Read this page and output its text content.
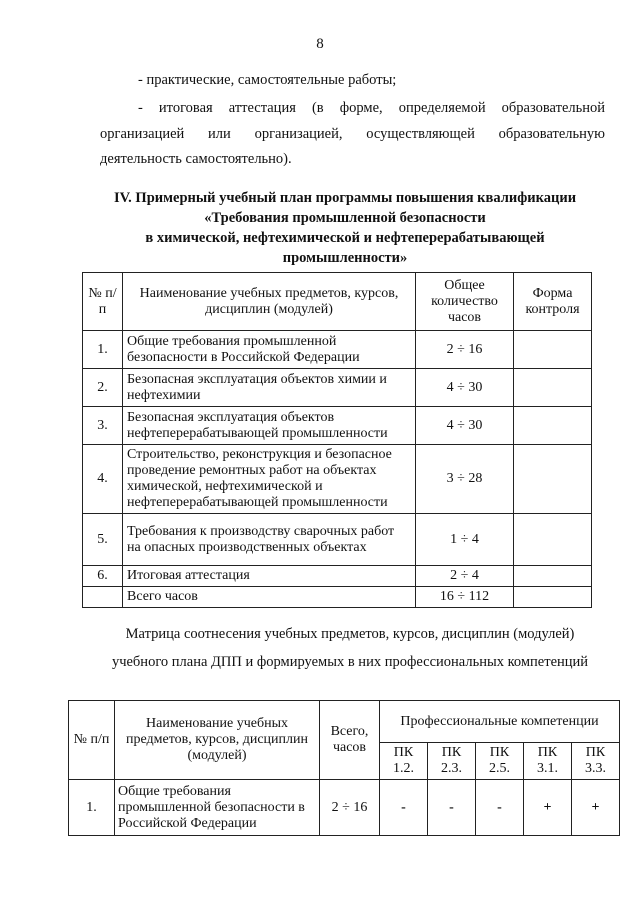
8

- практические, самостоятельные работы;

- итоговая аттестация (в форме, определяемой образовательной

организацией или организацией, осуществляющей образовательную

деятельность самостоятельно).

IV. Примерный учебный план программы повышения квалификации
«Требования промышленной безопасности
в химической, нефтехимической и нефтеперерабатывающей
промышленности»
№ п/п	Наименование учебных предметов, курсов, дисциплин (модулей)	Общее количество часов	Форма контроля
1.	Общие требования промышленной безопасности в Российской Федерации	2 ÷ 16	
2.	Безопасная эксплуатация объектов химии и нефтехимии	4 ÷ 30	
3.	Безопасная эксплуатация объектов нефтеперерабатывающей промышленности	4 ÷ 30	
4.	Строительство, реконструкция и безопасное проведение ремонтных работ на объектах химической, нефтехимической и нефтеперерабатывающей промышленности	3 ÷ 28	
5.	Требования к производству сварочных работ на опасных производственных объектах	1 ÷ 4	
6.	Итоговая аттестация	2 ÷ 4	
	Всего часов	16 ÷ 112	
Матрица соотнесения учебных предметов, курсов, дисциплин (модулей)
учебного плана ДПП и формируемых в них профессиональных компетенций
№ п/п	Наименование учебных предметов, курсов, дисциплин (модулей)	Всего, часов	Профессиональные компетенции				
			ПК 1.2.	ПК 2.3.	ПК 2.5.	ПК 3.1.	ПК 3.3.
1.	Общие требования промышленной безопасности в Российской Федерации	2 ÷ 16	-	-	-	+	+
